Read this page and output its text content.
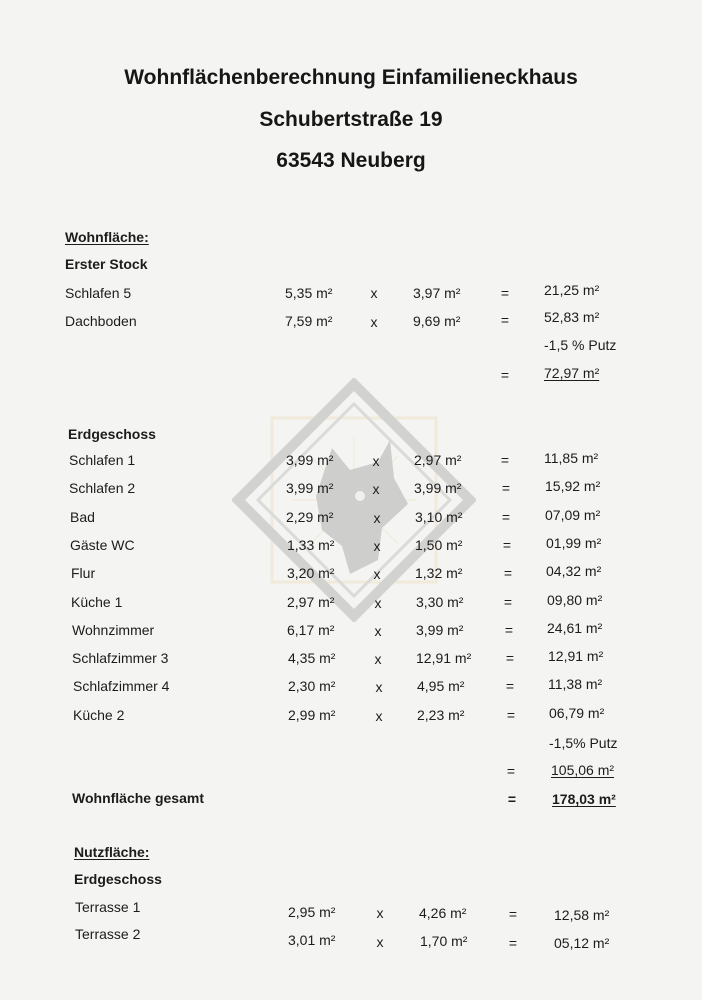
Wohnflächenberechnung Einfamilieneckhaus
Schubertstraße 19
63543 Neuberg
Wohnfläche:
Erster Stock
Schlafen 5	5,35 m²	x	3,97 m²	= 21,25 m²
Dachboden	7,59 m²	x	9,69 m²	= 52,83 m²
-1,5 % Putz
= 72,97 m²
Erdgeschoss
Schlafen 1	3,99 m²	x	2,97 m²	= 11,85 m²
Schlafen 2	3,99 m²	x	3,99 m²	= 15,92 m²
Bad	2,29 m²	x	3,10 m²	= 07,09 m²
Gäste WC	1,33 m²	x	1,50 m²	= 01,99 m²
Flur	3,20 m²	x	1,32 m²	= 04,32 m²
Küche 1	2,97 m²	x	3,30 m²	= 09,80 m²
Wohnzimmer	6,17 m²	x	3,99 m²	= 24,61 m²
Schlafzimmer 3	4,35 m²	x	12,91 m² = 12,91 m²
Schlafzimmer 4	2,30 m²	x	4,95 m²	= 11,38 m²
Küche 2	2,99 m²	x	2,23 m²	= 06,79 m²
-1,5% Putz
=	105,06 m²
Wohnfläche gesamt	=	178,03 m²
Nutzfläche:
Erdgeschoss
Terrasse 1	2,95 m²	x	4,26 m²	=	12,58 m²
Terrasse 2	3,01 m²	x	1,70 m²	=	05,12 m²
